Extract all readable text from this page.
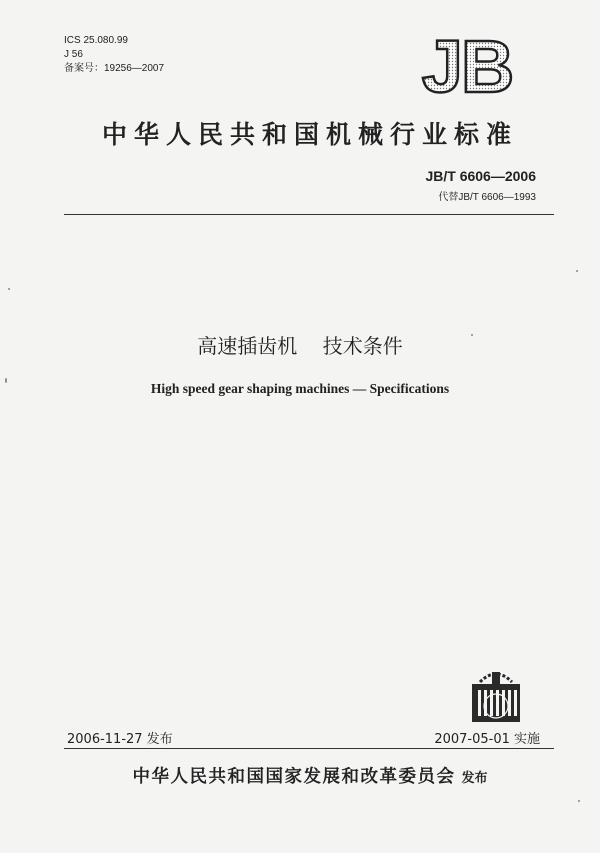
ICS 25.080.99
J 56
备案号：19256—2007	JB
中华人民共和国机械行业标准
JB/T 6606—2006
代替JB/T 6606—1993
高速插齿机    技术条件
High speed gear shaping machines — Specifications
2006-11-27 发布	2007-05-01 实施
中华人民共和国国家发展和改革委员会 发布
